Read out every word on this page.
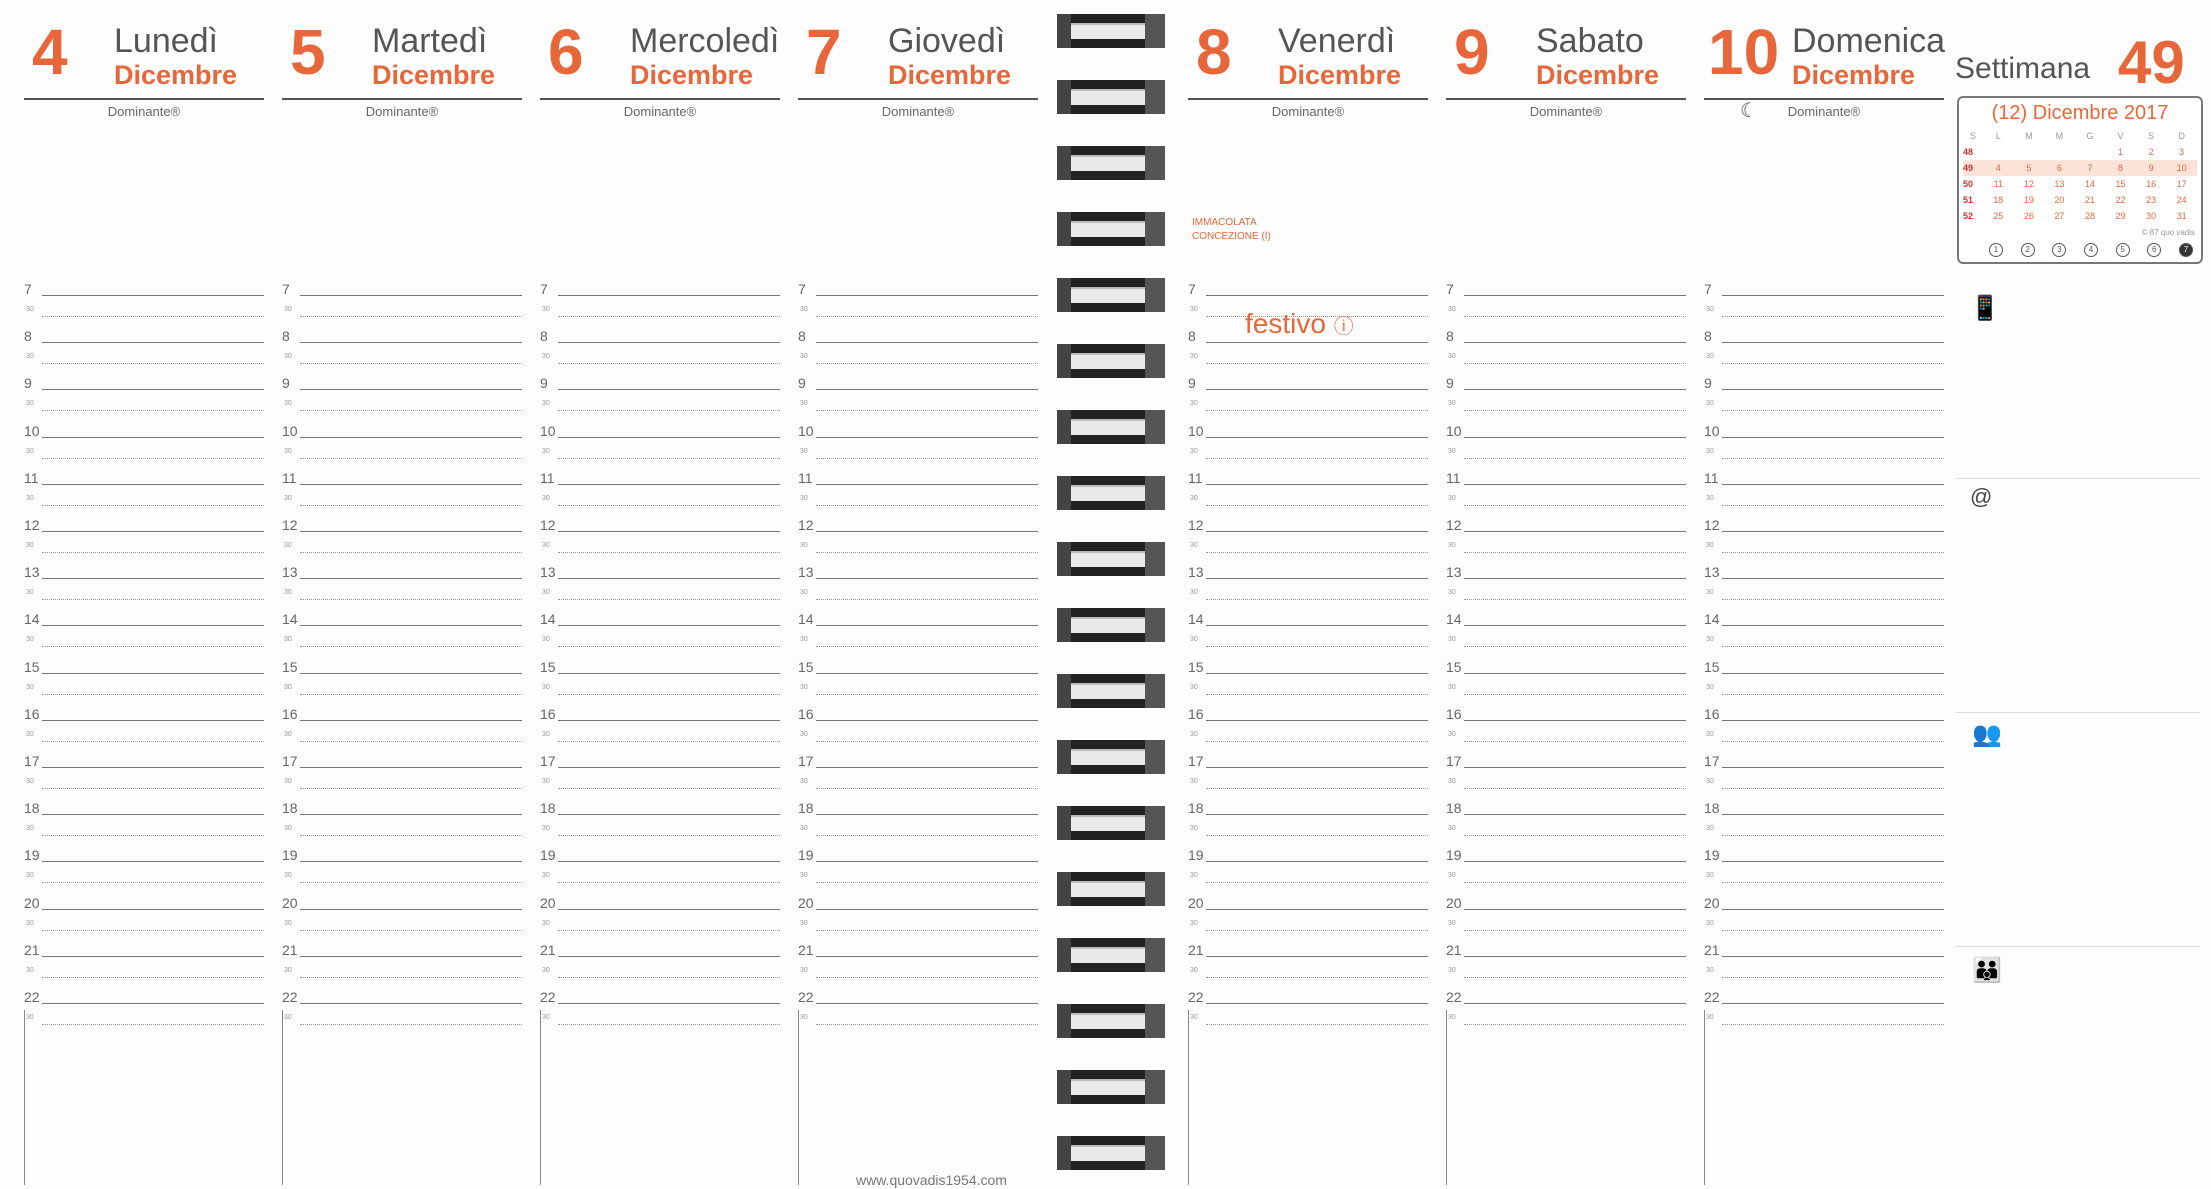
4 Lunedì
Dicembre
Dominante®
7
30
8
30
9
30
10
30
11
30
12
30
13
30
14
30
15
30
16
30
17
30
18
30
19
30
20
30
21
30
22
30
5 Martedì
Dicembre
Dominante®
7
30
8
30
9
30
10
30
11
30
12
30
13
30
14
30
15
30
16
30
17
30
18
30
19
30
20
30
21
30
22
30
6 Mercoledì
Dicembre
Dominante®
7
30
8
30
9
30
10
30
11
30
12
30
13
30
14
30
15
30
16
30
17
30
18
30
19
30
20
30
21
30
22
30
7 Giovedì
Dicembre
Dominante®
7
30
8
30
9
30
10
30
11
30
12
30
13
30
14
30
15
30
16
30
17
30
18
30
19
30
20
30
21
30
22
30
8 Venerdì
Dicembre
Dominante®
7
30
8
30
9
30
10
30
11
30
12
30
13
30
14
30
15
30
16
30
17
30
18
30
19
30
20
30
21
30
22
30
9 Sabato
Dicembre
Dominante®
7
30
8
30
9
30
10
30
11
30
12
30
13
30
14
30
15
30
16
30
17
30
18
30
19
30
20
30
21
30
22
30
10 Domenica
Dicembre
☾	Dominante®
7
30
8
30
9
30
10
30
11
30
12
30
13
30
14
30
15
30
16
30
17
30
18
30
19
30
20
30
21
30
22
30
IMMACOLATA
CONCEZIONE (I)
festivo ⓘ
Settimana 49
(12) Dicembre 2017
S	L	M	M	G	V	S	D
48					1	2	3
49	4	5	6	7	8	9	10
50	11	12	13	14	15	16	17
51	18	19	20	21	22	23	24
52	25	26	27	28	29	30	31
© 87 quo vadis
1	2	3	4	5	6	7
📱
@
👥
👪
www.quovadis1954.com
